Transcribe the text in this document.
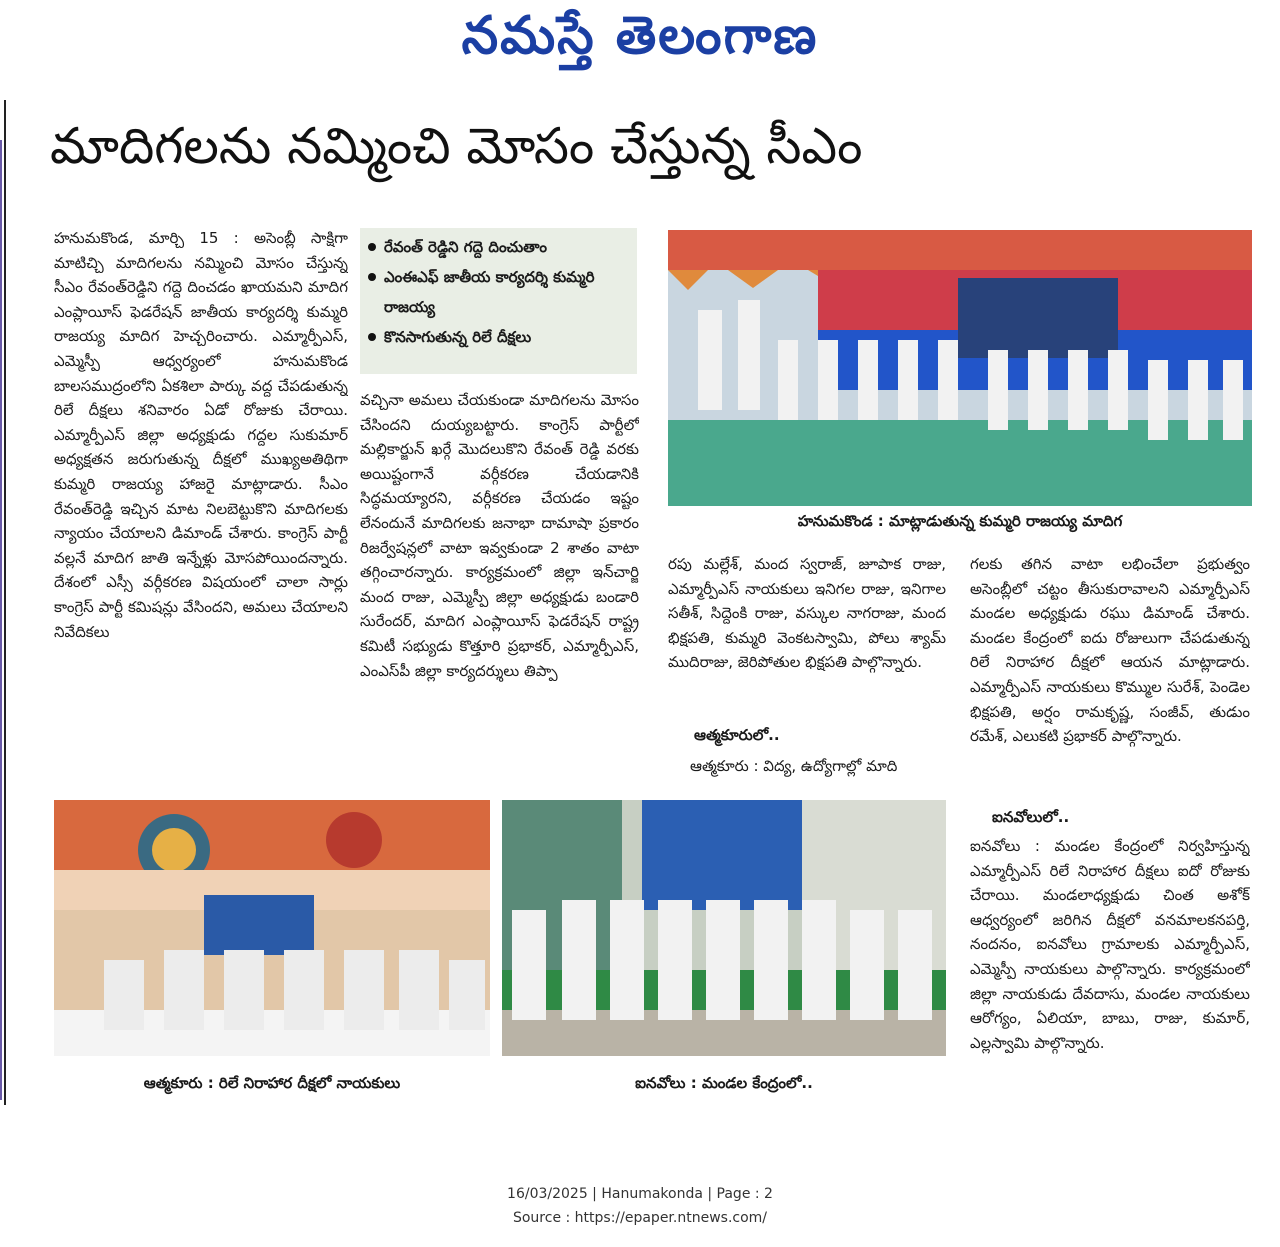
నమస్తే తెలంగాణ
మాదిగలను నమ్మించి మోసం చేస్తున్న సీఎం
హనుమకొండ, మార్చి 15 : అసెంబ్లీ సాక్షిగా మాటిచ్చి మాదిగలను నమ్మించి మోసం చేస్తున్న సీఎం రేవంత్‌రెడ్డిని గద్దె దించడం ఖాయమని మాదిగ ఎంప్లాయీస్ ఫెడరేషన్ జాతీయ కార్యదర్శి కుమ్మరి రాజయ్య మాదిగ హెచ్చరించారు. ఎమ్మార్పీఎస్, ఎమ్మెస్పీ ఆధ్వర్యంలో హనుమకొండ బాలసముద్రంలోని ఏకశిలా పార్కు వద్ద చేపడుతున్న రిలే దీక్షలు శనివారం ఏడో రోజుకు చేరాయి. ఎమ్మార్పీఎస్ జిల్లా అధ్యక్షుడు గద్దల సుకుమార్ అధ్యక్షతన జరుగుతున్న దీక్షలో ముఖ్యఅతిథిగా కుమ్మరి రాజయ్య హాజరై మాట్లాడారు. సీఎం రేవంత్‌రెడ్డి ఇచ్చిన మాట నిలబెట్టుకొని మాదిగలకు న్యాయం చేయాలని డిమాండ్ చేశారు. కాంగ్రెస్ పార్టీ వల్లనే మాదిగ జాతి ఇన్నేళ్లు మోసపోయిందన్నారు. దేశంలో ఎస్సీ వర్గీకరణ విషయంలో చాలా సార్లు కాంగ్రెస్ పార్టీ కమిషన్లు వేసిందని, అమలు చేయాలని నివేదికలు
రేవంత్ రెడ్డిని గద్దె దించుతాం
ఎంఈఎఫ్ జాతీయ కార్యదర్శి కుమ్మరి రాజయ్య
కొనసాగుతున్న రిలే దీక్షలు
వచ్చినా అమలు చేయకుండా మాదిగలను మోసం చేసిందని దుయ్యబట్టారు. కాంగ్రెస్ పార్టీలో మల్లికార్జున్ ఖర్గే మొదలుకొని రేవంత్ రెడ్డి వరకు అయిష్టంగానే వర్గీకరణ చేయడానికి సిద్ధమయ్యారని, వర్గీకరణ చేయడం ఇష్టం లేనందునే మాదిగలకు జనాభా దామాషా ప్రకారం రిజర్వేషన్లలో వాటా ఇవ్వకుండా 2 శాతం వాటా తగ్గించారన్నారు. కార్యక్రమంలో జిల్లా ఇన్‌చార్జి మంద రాజు, ఎమ్మెస్పీ జిల్లా అధ్యక్షుడు బండారి సురేందర్, మాదిగ ఎంప్లాయీస్ ఫెడరేషన్ రాష్ట్ర కమిటీ సభ్యుడు కొత్తూరి ప్రభాకర్, ఎమ్మార్పీఎస్, ఎంఎస్‌పీ జిల్లా కార్యదర్శులు తిప్పా
హనుమకొండ : మాట్లాడుతున్న కుమ్మరి రాజయ్య మాదిగ
రపు మల్లేశ్, మంద స్వరాజ్, జూపాక రాజు, ఎమ్మార్పీఎస్ నాయకులు ఇనిగల రాజు, ఇనిగాల సతీశ్, సిద్దెంకి రాజు, వస్కుల నాగరాజు, మంద భిక్షపతి, కుమ్మరి వెంకటస్వామి, పోలు శ్యామ్ ముదిరాజు, జెరిపోతుల భిక్షపతి పాల్గొన్నారు.
ఆత్మకూరులో..
ఆత్మకూరు : విద్య, ఉద్యోగాల్లో మాది
గలకు తగిన వాటా లభించేలా ప్రభుత్వం అసెంబ్లీలో చట్టం తీసుకురావాలని ఎమ్మార్పీఎస్ మండల అధ్యక్షుడు రఘు డిమాండ్ చేశారు. మండల కేంద్రంలో ఐదు రోజులుగా చేపడుతున్న రిలే నిరాహార దీక్షలో ఆయన మాట్లాడారు. ఎమ్మార్పీఎస్ నాయకులు కొమ్ముల సురేశ్, పెండెల భిక్షపతి, అర్షం రామకృష్ణ, సంజీవ్, తుడుం రమేశ్, ఎలుకటి ప్రభాకర్ పాల్గొన్నారు.
ఐనవోలులో..
ఐనవోలు : మండల కేంద్రంలో నిర్వహిస్తున్న ఎమ్మార్పీఎస్ రిలే నిరాహార దీక్షలు ఐదో రోజుకు చేరాయి. మండలాధ్యక్షుడు చింత అశోక్ ఆధ్వర్యంలో జరిగిన దీక్షలో వనమాలకనపర్తి, నందనం, ఐనవోలు గ్రామాలకు ఎమ్మార్పీఎస్, ఎమ్మెస్పీ నాయకులు పాల్గొన్నారు. కార్యక్రమంలో జిల్లా నాయకుడు దేవదాసు, మండల నాయకులు ఆరోగ్యం, ఏలియా, బాబు, రాజు, కుమార్, ఎల్లస్వామి పాల్గొన్నారు.
ఆత్మకూరు : రిలే నిరాహార దీక్షలో నాయకులు	ఐనవోలు : మండల కేంద్రంలో..
16/03/2025 | Hanumakonda | Page : 2
Source : https://epaper.ntnews.com/
